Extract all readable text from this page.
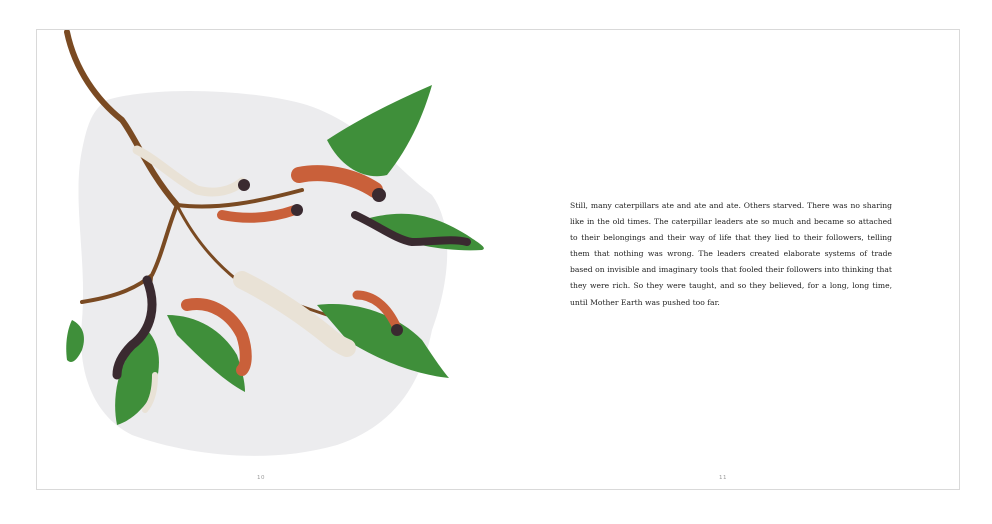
10	11

Still, many caterpillars ate and ate and ate. Others starved. There was no sharing like in the old times. The caterpillar leaders ate so much and became so attached to their belongings and their way of life that they lied to their followers, telling them that nothing was wrong. The leaders created elaborate systems of trade based on invisible and imaginary tools that fooled their followers into thinking that they were rich. So they were taught, and so they believed, for a long, long time, until Mother Earth was pushed too far.
